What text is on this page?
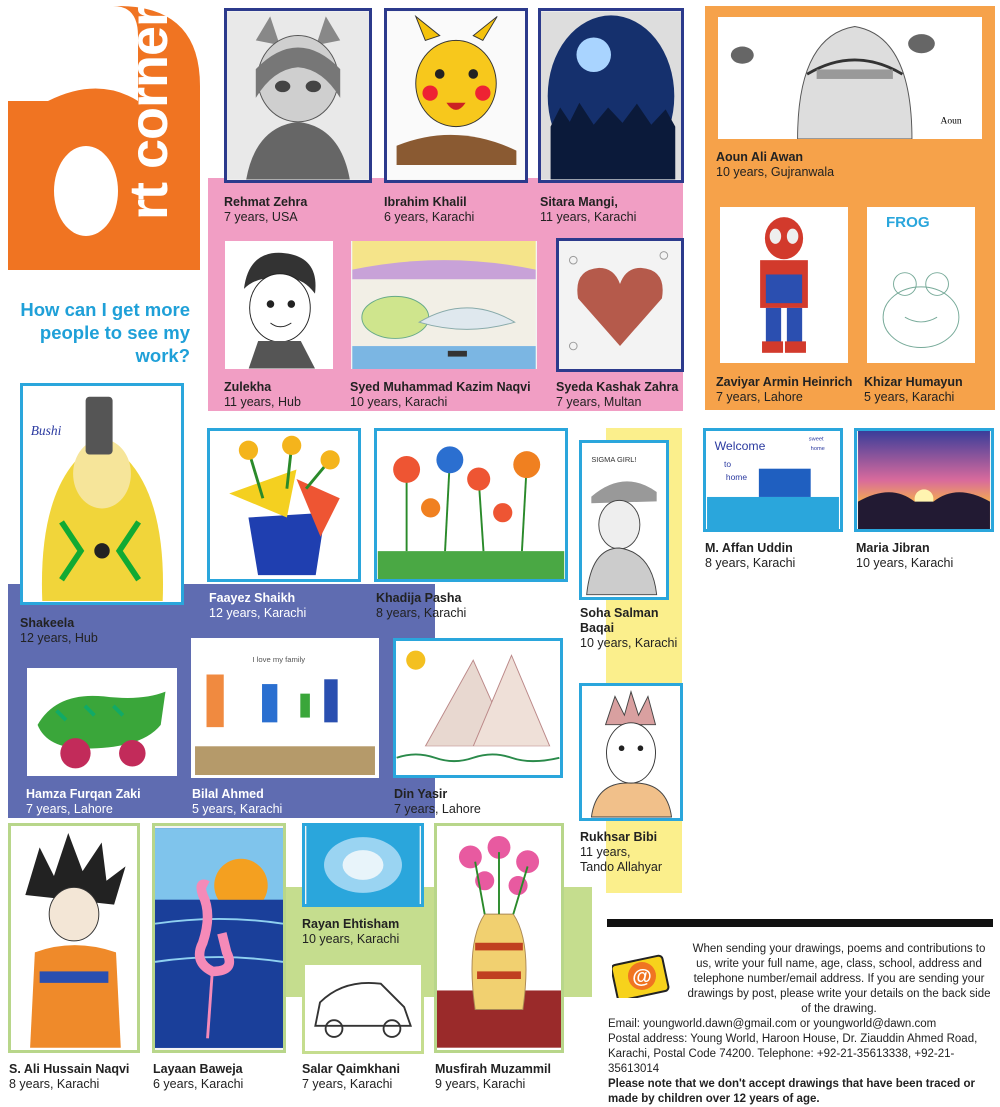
rt corner
How can I get more people to see my work?
Rehmat Zehra
7 years, USA
Ibrahim Khalil
6 years, Karachi
Sitara Mangi,
11 years, Karachi
Aoun
Aoun Ali Awan
10 years, Gujranwala
Zulekha
11 years, Hub
Syed Muhammad Kazim Naqvi
10 years, Karachi
Syeda Kashak Zahra
7 years, Multan
Zaviyar Armin Heinrich
7 years, Lahore
FROG
Khizar Humayun
5 years, Karachi
Bushi
Shakeela
12 years, Hub
Faayez Shaikh
12 years, Karachi
Khadija Pasha
8 years, Karachi
SIGMA GIRL!
Soha Salman
Baqai
10 years, Karachi
Welcome
to
home
sweet
home
M. Affan Uddin
8 years, Karachi
Maria Jibran
10 years, Karachi
Hamza Furqan Zaki
7 years, Lahore
I love my family
Bilal Ahmed
5 years, Karachi
Din Yasir
7 years, Lahore
Rukhsar Bibi
11 years,
Tando Allahyar
S. Ali Hussain Naqvi
8 years, Karachi
Layaan Baweja
6 years, Karachi
Rayan Ehtisham
10 years, Karachi
Salar Qaimkhani
7 years, Karachi
Musfirah Muzammil
9 years, Karachi
@

When sending your drawings, poems and contributions to us, write your full name, age, class, school, address and telephone number/email address. If you are sending your drawings by post, please write your details on the back side of the drawing.

Email: youngworld.dawn@gmail.com or youngworld@dawn.com

Postal address: Young World, Haroon House, Dr. Ziauddin Ahmed Road, Karachi, Postal Code 74200. Telephone: +92-21-35613338, +92-21-35613014

Please note that we don't accept drawings that have been traced or made by children over 12 years of age.
